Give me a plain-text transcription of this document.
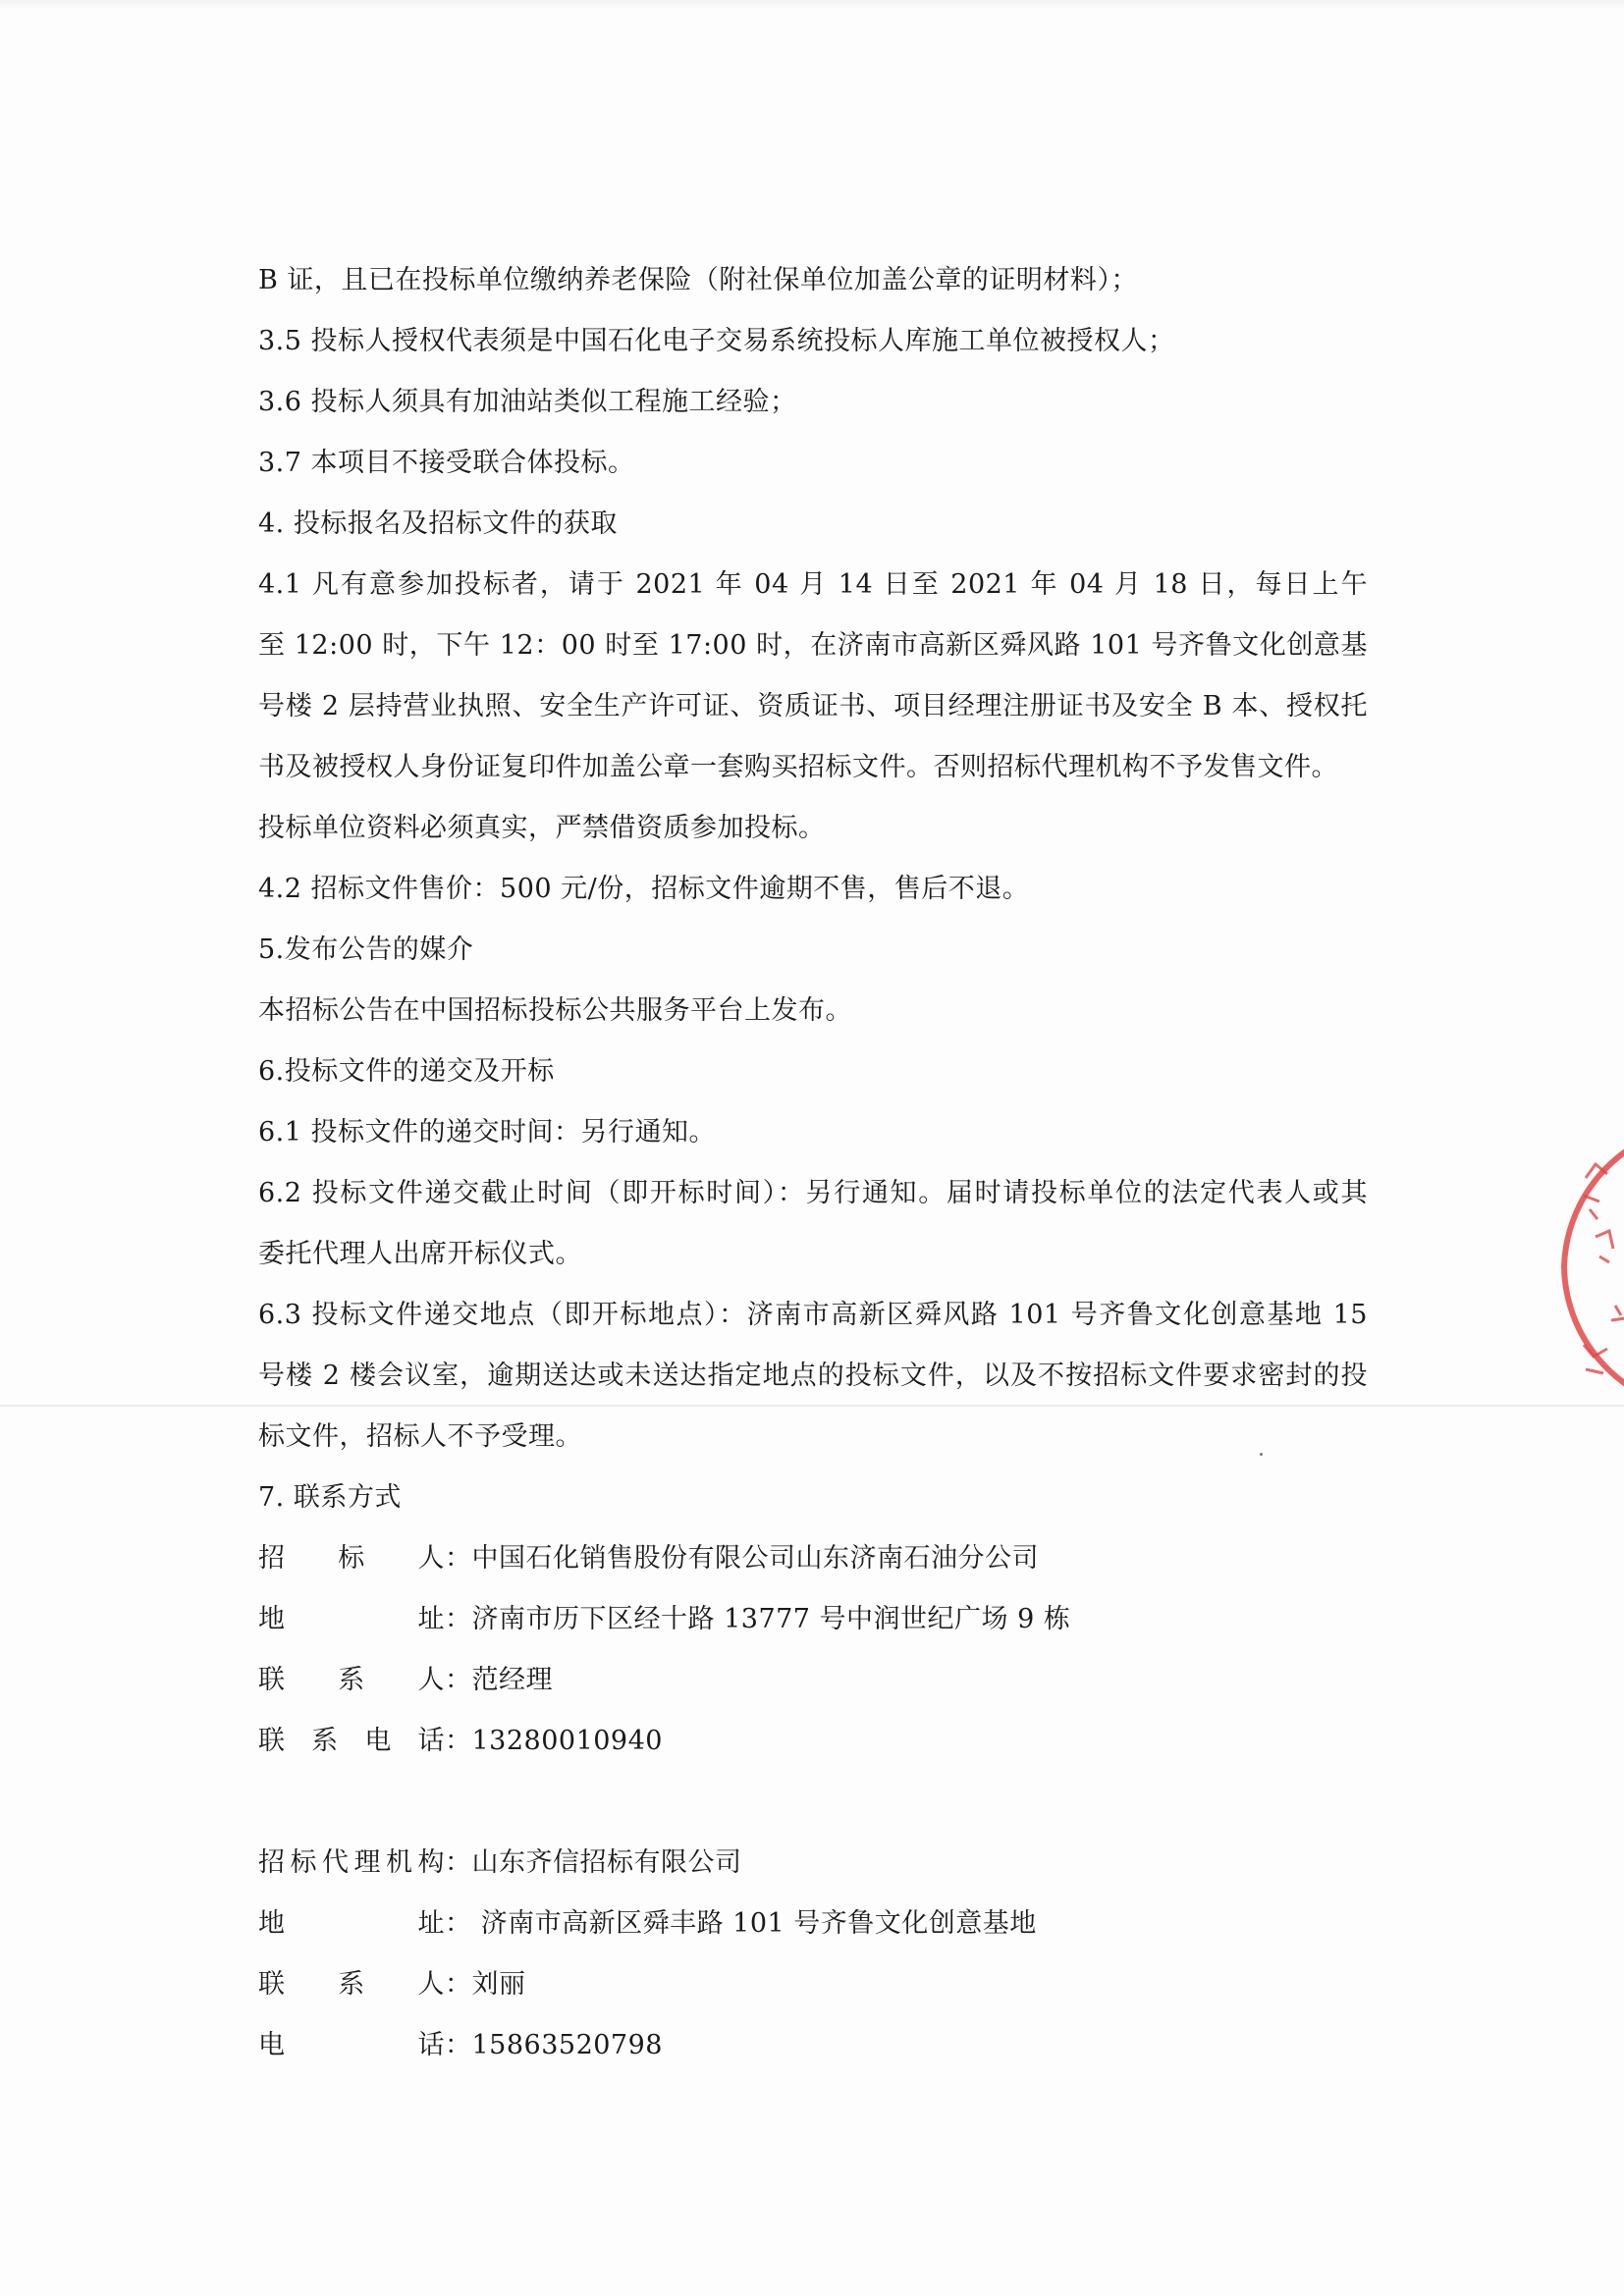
B 证，且已在投标单位缴纳养老保险（附社保单位加盖公章的证明材料）；
3.5 投标人授权代表须是中国石化电子交易系统投标人库施工单位被授权人；
3.6 投标人须具有加油站类似工程施工经验；
3.7 本项目不接受联合体投标。
4. 投标报名及招标文件的获取
4.1 凡有意参加投标者，请于 2021 年 04 月 14 日至 2021 年 04 月 18 日，每日上午
至 12:00 时，下午 12：00 时至 17:00 时，在济南市高新区舜风路 101 号齐鲁文化创意基
号楼 2 层持营业执照、安全生产许可证、资质证书、项目经理注册证书及安全 B 本、授权托
书及被授权人身份证复印件加盖公章一套购买招标文件。否则招标代理机构不予发售文件。
投标单位资料必须真实，严禁借资质参加投标。
4.2 招标文件售价：500 元/份，招标文件逾期不售，售后不退。
5.发布公告的媒介
本招标公告在中国招标投标公共服务平台上发布。
6.投标文件的递交及开标
6.1 投标文件的递交时间：另行通知。
6.2 投标文件递交截止时间（即开标时间）：另行通知。届时请投标单位的法定代表人或其
委托代理人出席开标仪式。
6.3 投标文件递交地点（即开标地点）：济南市高新区舜风路 101 号齐鲁文化创意基地 15
号楼 2 楼会议室，逾期送达或未送达指定地点的投标文件，以及不按招标文件要求密封的投
标文件，招标人不予受理。
7. 联系方式
招 标 人 ： 中国石化销售股份有限公司山东济南石油分公司
地	址 ： 济南市历下区经十路 13777 号中润世纪广场 9 栋
联 系 人 ： 范经理
联 系 电 话 ： 13280010940
招 标 代 理 机 构 ： 山东齐信招标有限公司
地	址 ： 济南市高新区舜丰路 101 号齐鲁文化创意基地
联 系 人 ： 刘丽
电	话 ： 15863520798
